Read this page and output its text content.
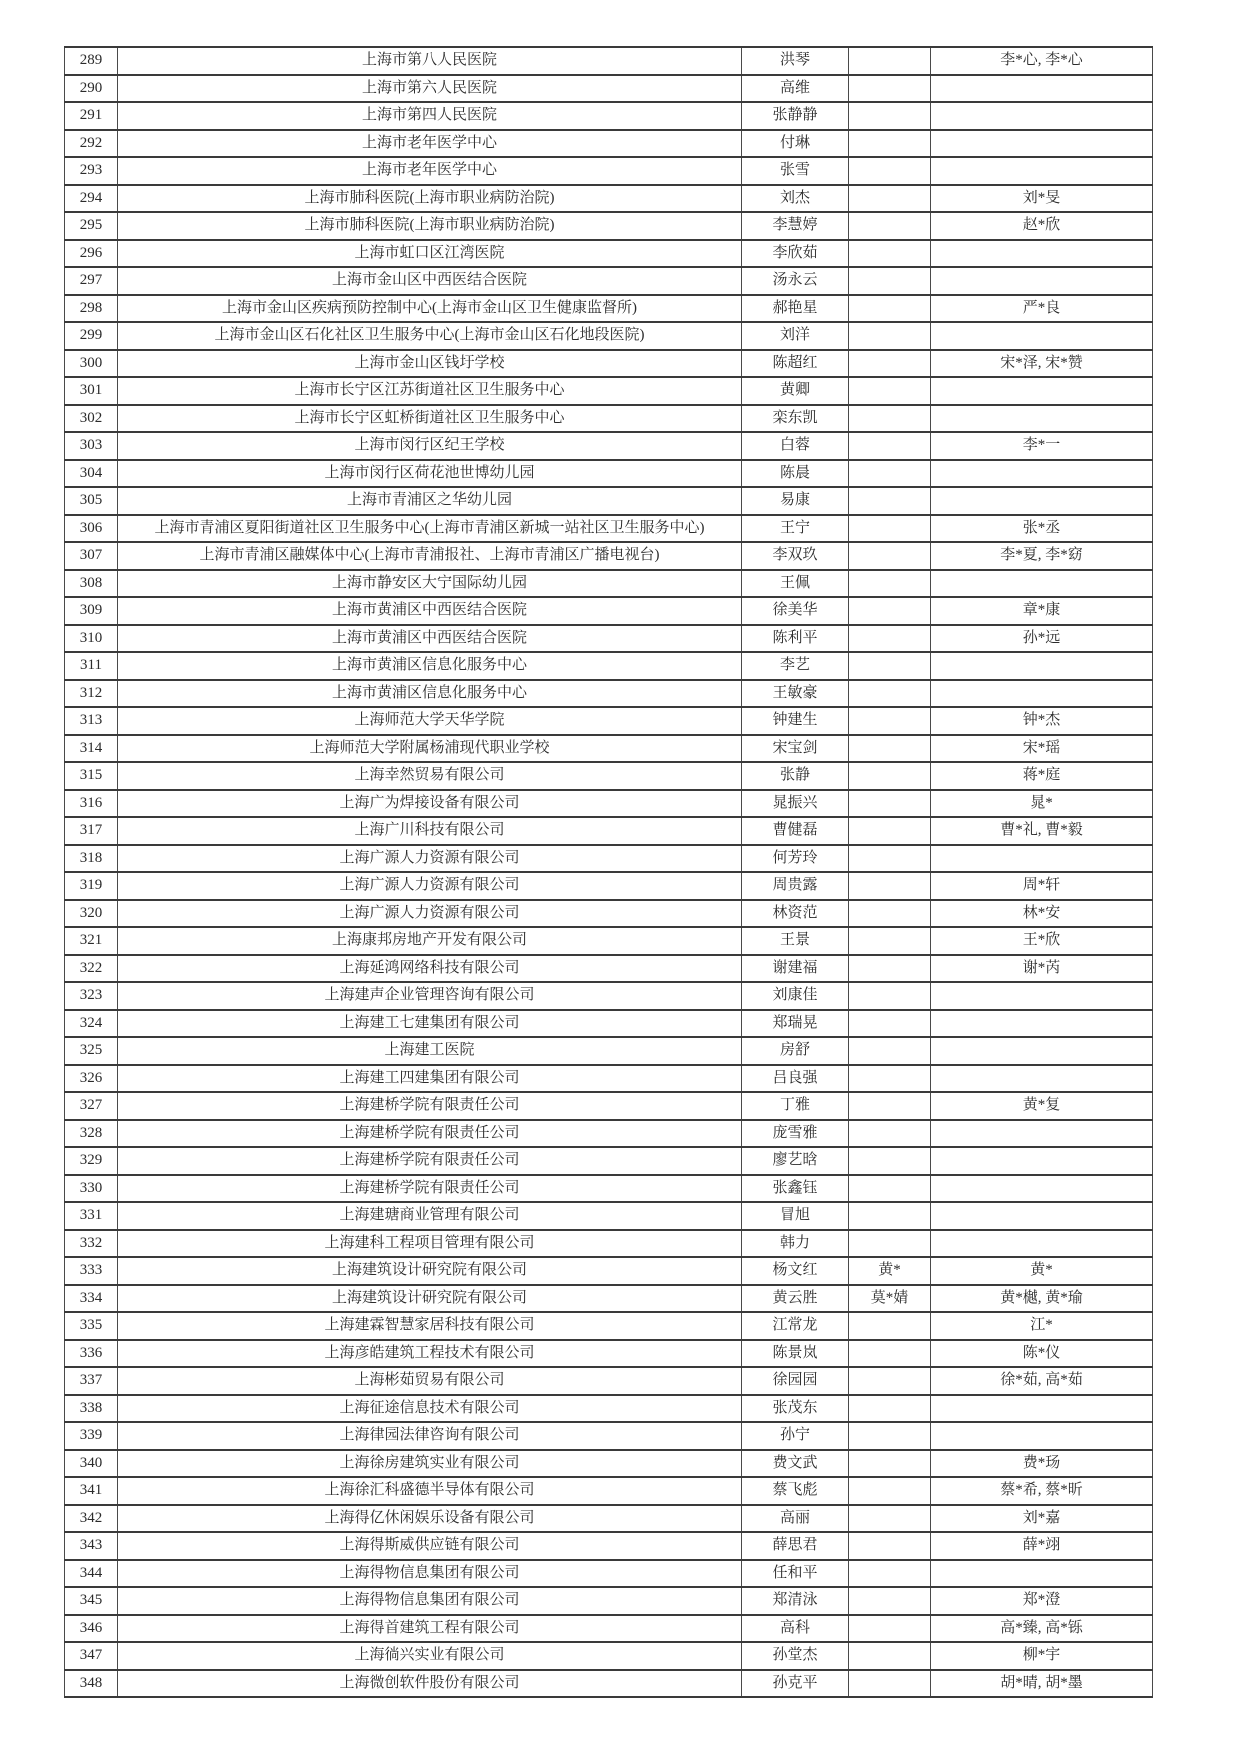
289	上海市第八人民医院	洪琴		李*心, 李*心
290	上海市第六人民医院	高维		
291	上海市第四人民医院	张静静		
292	上海市老年医学中心	付琳		
293	上海市老年医学中心	张雪		
294	上海市肺科医院(上海市职业病防治院)	刘杰		刘*旻
295	上海市肺科医院(上海市职业病防治院)	李慧婷		赵*欣
296	上海市虹口区江湾医院	李欣茹		
297	上海市金山区中西医结合医院	汤永云		
298	上海市金山区疾病预防控制中心(上海市金山区卫生健康监督所)	郝艳星		严*良
299	上海市金山区石化社区卫生服务中心(上海市金山区石化地段医院)	刘洋		
300	上海市金山区钱圩学校	陈超红		宋*泽, 宋*赞
301	上海市长宁区江苏街道社区卫生服务中心	黄卿		
302	上海市长宁区虹桥街道社区卫生服务中心	栾东凯		
303	上海市闵行区纪王学校	白蓉		李*一
304	上海市闵行区荷花池世博幼儿园	陈晨		
305	上海市青浦区之华幼儿园	易康		
306	上海市青浦区夏阳街道社区卫生服务中心(上海市青浦区新城一站社区卫生服务中心)	王宁		张*丞
307	上海市青浦区融媒体中心(上海市青浦报社、上海市青浦区广播电视台)	李双玖		李*夏, 李*窈
308	上海市静安区大宁国际幼儿园	王佩		
309	上海市黄浦区中西医结合医院	徐美华		章*康
310	上海市黄浦区中西医结合医院	陈利平		孙*远
311	上海市黄浦区信息化服务中心	李艺		
312	上海市黄浦区信息化服务中心	王敏豪		
313	上海师范大学天华学院	钟建生		钟*杰
314	上海师范大学附属杨浦现代职业学校	宋宝剑		宋*瑶
315	上海幸然贸易有限公司	张静		蒋*庭
316	上海广为焊接设备有限公司	晁振兴		晁*
317	上海广川科技有限公司	曹健磊		曹*礼, 曹*毅
318	上海广源人力资源有限公司	何芳玲		
319	上海广源人力资源有限公司	周贵露		周*轩
320	上海广源人力资源有限公司	林资范		林*安
321	上海康邦房地产开发有限公司	王景		王*欣
322	上海延鸿网络科技有限公司	谢建福		谢*芮
323	上海建声企业管理咨询有限公司	刘康佳		
324	上海建工七建集团有限公司	郑瑞晃		
325	上海建工医院	房舒		
326	上海建工四建集团有限公司	吕良强		
327	上海建桥学院有限责任公司	丁雅		黄*复
328	上海建桥学院有限责任公司	庞雪雅		
329	上海建桥学院有限责任公司	廖艺晗		
330	上海建桥学院有限责任公司	张鑫钰		
331	上海建瑭商业管理有限公司	冒旭		
332	上海建科工程项目管理有限公司	韩力		
333	上海建筑设计研究院有限公司	杨文红	黄*	黄*
334	上海建筑设计研究院有限公司	黄云胜	莫*婧	黄*樾, 黄*瑜
335	上海建霖智慧家居科技有限公司	江常龙		江*
336	上海彦皓建筑工程技术有限公司	陈景岚		陈*仪
337	上海彬茹贸易有限公司	徐园园		徐*茹, 高*茹
338	上海征途信息技术有限公司	张茂东		
339	上海律园法律咨询有限公司	孙宁		
340	上海徐房建筑实业有限公司	费文武		费*玚
341	上海徐汇科盛德半导体有限公司	蔡飞彪		蔡*希, 蔡*昕
342	上海得亿休闲娱乐设备有限公司	高丽		刘*嘉
343	上海得斯威供应链有限公司	薛思君		薛*翊
344	上海得物信息集团有限公司	任和平		
345	上海得物信息集团有限公司	郑清泳		郑*澄
346	上海得首建筑工程有限公司	高科		高*臻, 高*铄
347	上海徜兴实业有限公司	孙堂杰		柳*宇
348	上海微创软件股份有限公司	孙克平		胡*晴, 胡*墨
